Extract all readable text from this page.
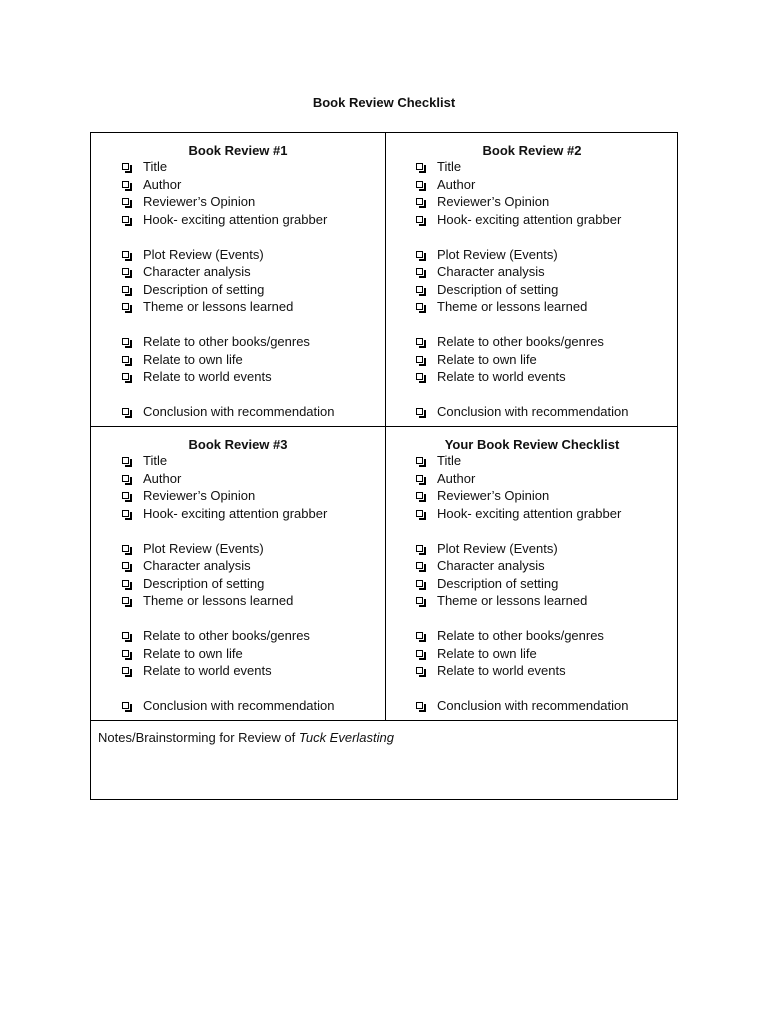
Book Review Checklist
Book Review #1
Title
Author
Reviewer’s Opinion
Hook- exciting attention grabber
Plot Review (Events)
Character analysis
Description of setting
Theme or lessons learned
Relate to other books/genres
Relate to own life
Relate to world events
Conclusion with recommendation
Book Review #2
Title
Author
Reviewer’s Opinion
Hook- exciting attention grabber
Plot Review (Events)
Character analysis
Description of setting
Theme or lessons learned
Relate to other books/genres
Relate to own life
Relate to world events
Conclusion with recommendation
Book Review #3
Title
Author
Reviewer’s Opinion
Hook- exciting attention grabber
Plot Review (Events)
Character analysis
Description of setting
Theme or lessons learned
Relate to other books/genres
Relate to own life
Relate to world events
Conclusion with recommendation
Your Book Review Checklist
Title
Author
Reviewer’s Opinion
Hook- exciting attention grabber
Plot Review (Events)
Character analysis
Description of setting
Theme or lessons learned
Relate to other books/genres
Relate to own life
Relate to world events
Conclusion with recommendation
Notes/Brainstorming for Review of Tuck Everlasting
